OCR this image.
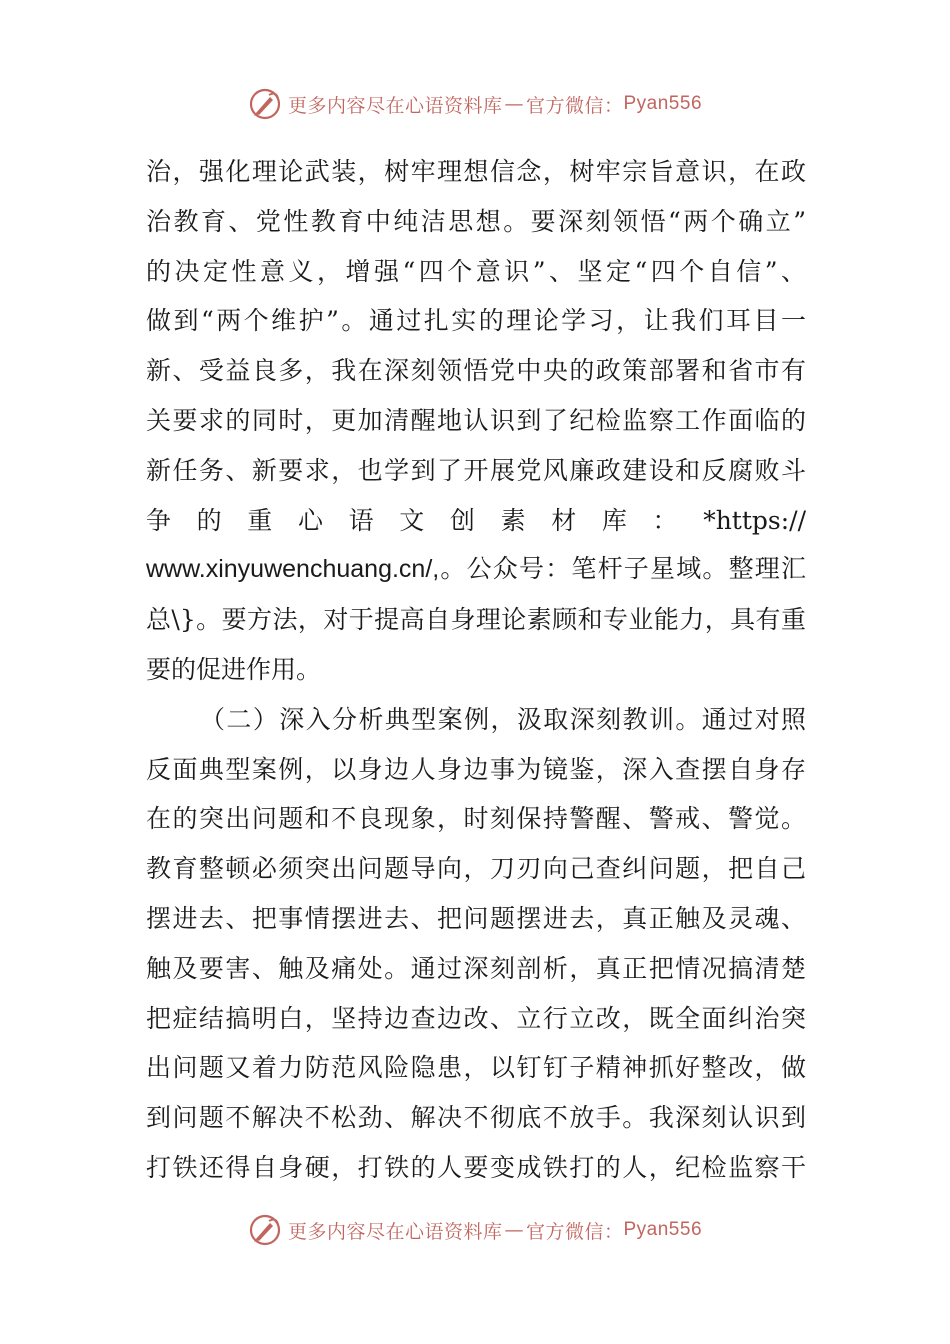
更多内容尽在心语资料库 — 官方微信： Pyan556
治，强化理论武装，树牢理想信念，树牢宗旨意识，在政
治教育、党性教育中纯洁思想。要深刻领悟“两个确立”
的决定性意义，增强“四个意识”、坚定“四个自信”、
做到“两个维护”。通过扎实的理论学习，让我们耳目一
新、受益良多，我在深刻领悟党中央的政策部署和省市有
关要求的同时，更加清醒地认识到了纪检监察工作面临的
新任务、新要求，也学到了开展党风廉政建设和反腐败斗
争的重心语文创素材库：*https://
www.xinyuwenchuang.cn/,。公众号：笔杆子星域。整理汇
总\}。要方法，对于提高自身理论素顾和专业能力，具有重
要的促进作用。
（二）深入分析典型案例，汲取深刻教训。通过对照
反面典型案例，以身边人身边事为镜鉴，深入查摆自身存
在的突出问题和不良现象，时刻保持警醒、警戒、警觉。
教育整顿必须突出问题导向，刀刃向己查纠问题，把自己
摆进去、把事情摆进去、把问题摆进去，真正触及灵魂、
触及要害、触及痛处。通过深刻剖析，真正把情况搞清楚
把症结搞明白，坚持边查边改、立行立改，既全面纠治突
出问题又着力防范风险隐患，以钉钉子精神抓好整改，做
到问题不解决不松劲、解决不彻底不放手。我深刻认识到
打铁还得自身硬，打铁的人要变成铁打的人，纪检监察干
更多内容尽在心语资料库 — 官方微信： Pyan556
